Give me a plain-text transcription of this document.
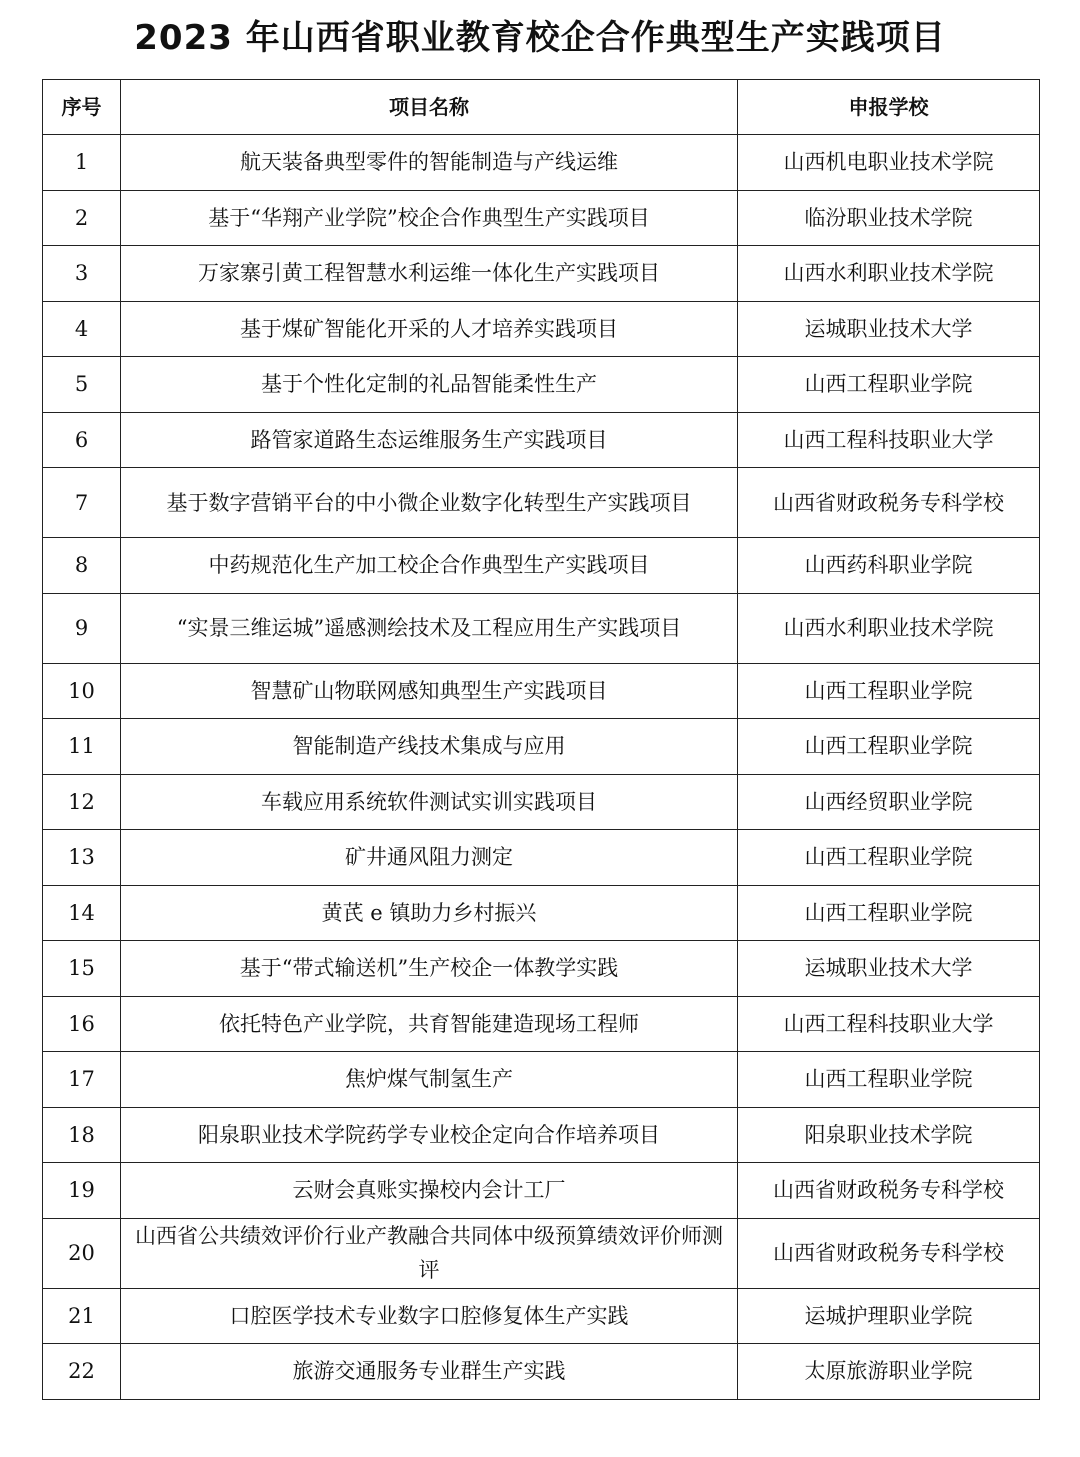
2023 年山西省职业教育校企合作典型生产实践项目
序号	项目名称	申报学校
1	航天装备典型零件的智能制造与产线运维	山西机电职业技术学院
2	基于“华翔产业学院”校企合作典型生产实践项目	临汾职业技术学院
3	万家寨引黄工程智慧水利运维一体化生产实践项目	山西水利职业技术学院
4	基于煤矿智能化开采的人才培养实践项目	运城职业技术大学
5	基于个性化定制的礼品智能柔性生产	山西工程职业学院
6	路管家道路生态运维服务生产实践项目	山西工程科技职业大学
7	基于数字营销平台的中小微企业数字化转型生产实践项目	山西省财政税务专科学校
8	中药规范化生产加工校企合作典型生产实践项目	山西药科职业学院
9	“实景三维运城”遥感测绘技术及工程应用生产实践项目	山西水利职业技术学院
10	智慧矿山物联网感知典型生产实践项目	山西工程职业学院
11	智能制造产线技术集成与应用	山西工程职业学院
12	车载应用系统软件测试实训实践项目	山西经贸职业学院
13	矿井通风阻力测定	山西工程职业学院
14	黄芪 e 镇助力乡村振兴	山西工程职业学院
15	基于“带式输送机”生产校企一体教学实践	运城职业技术大学
16	依托特色产业学院，共育智能建造现场工程师	山西工程科技职业大学
17	焦炉煤气制氢生产	山西工程职业学院
18	阳泉职业技术学院药学专业校企定向合作培养项目	阳泉职业技术学院
19	云财会真账实操校内会计工厂	山西省财政税务专科学校
20	山西省公共绩效评价行业产教融合共同体中级预算绩效评价师测评	山西省财政税务专科学校
21	口腔医学技术专业数字口腔修复体生产实践	运城护理职业学院
22	旅游交通服务专业群生产实践	太原旅游职业学院
